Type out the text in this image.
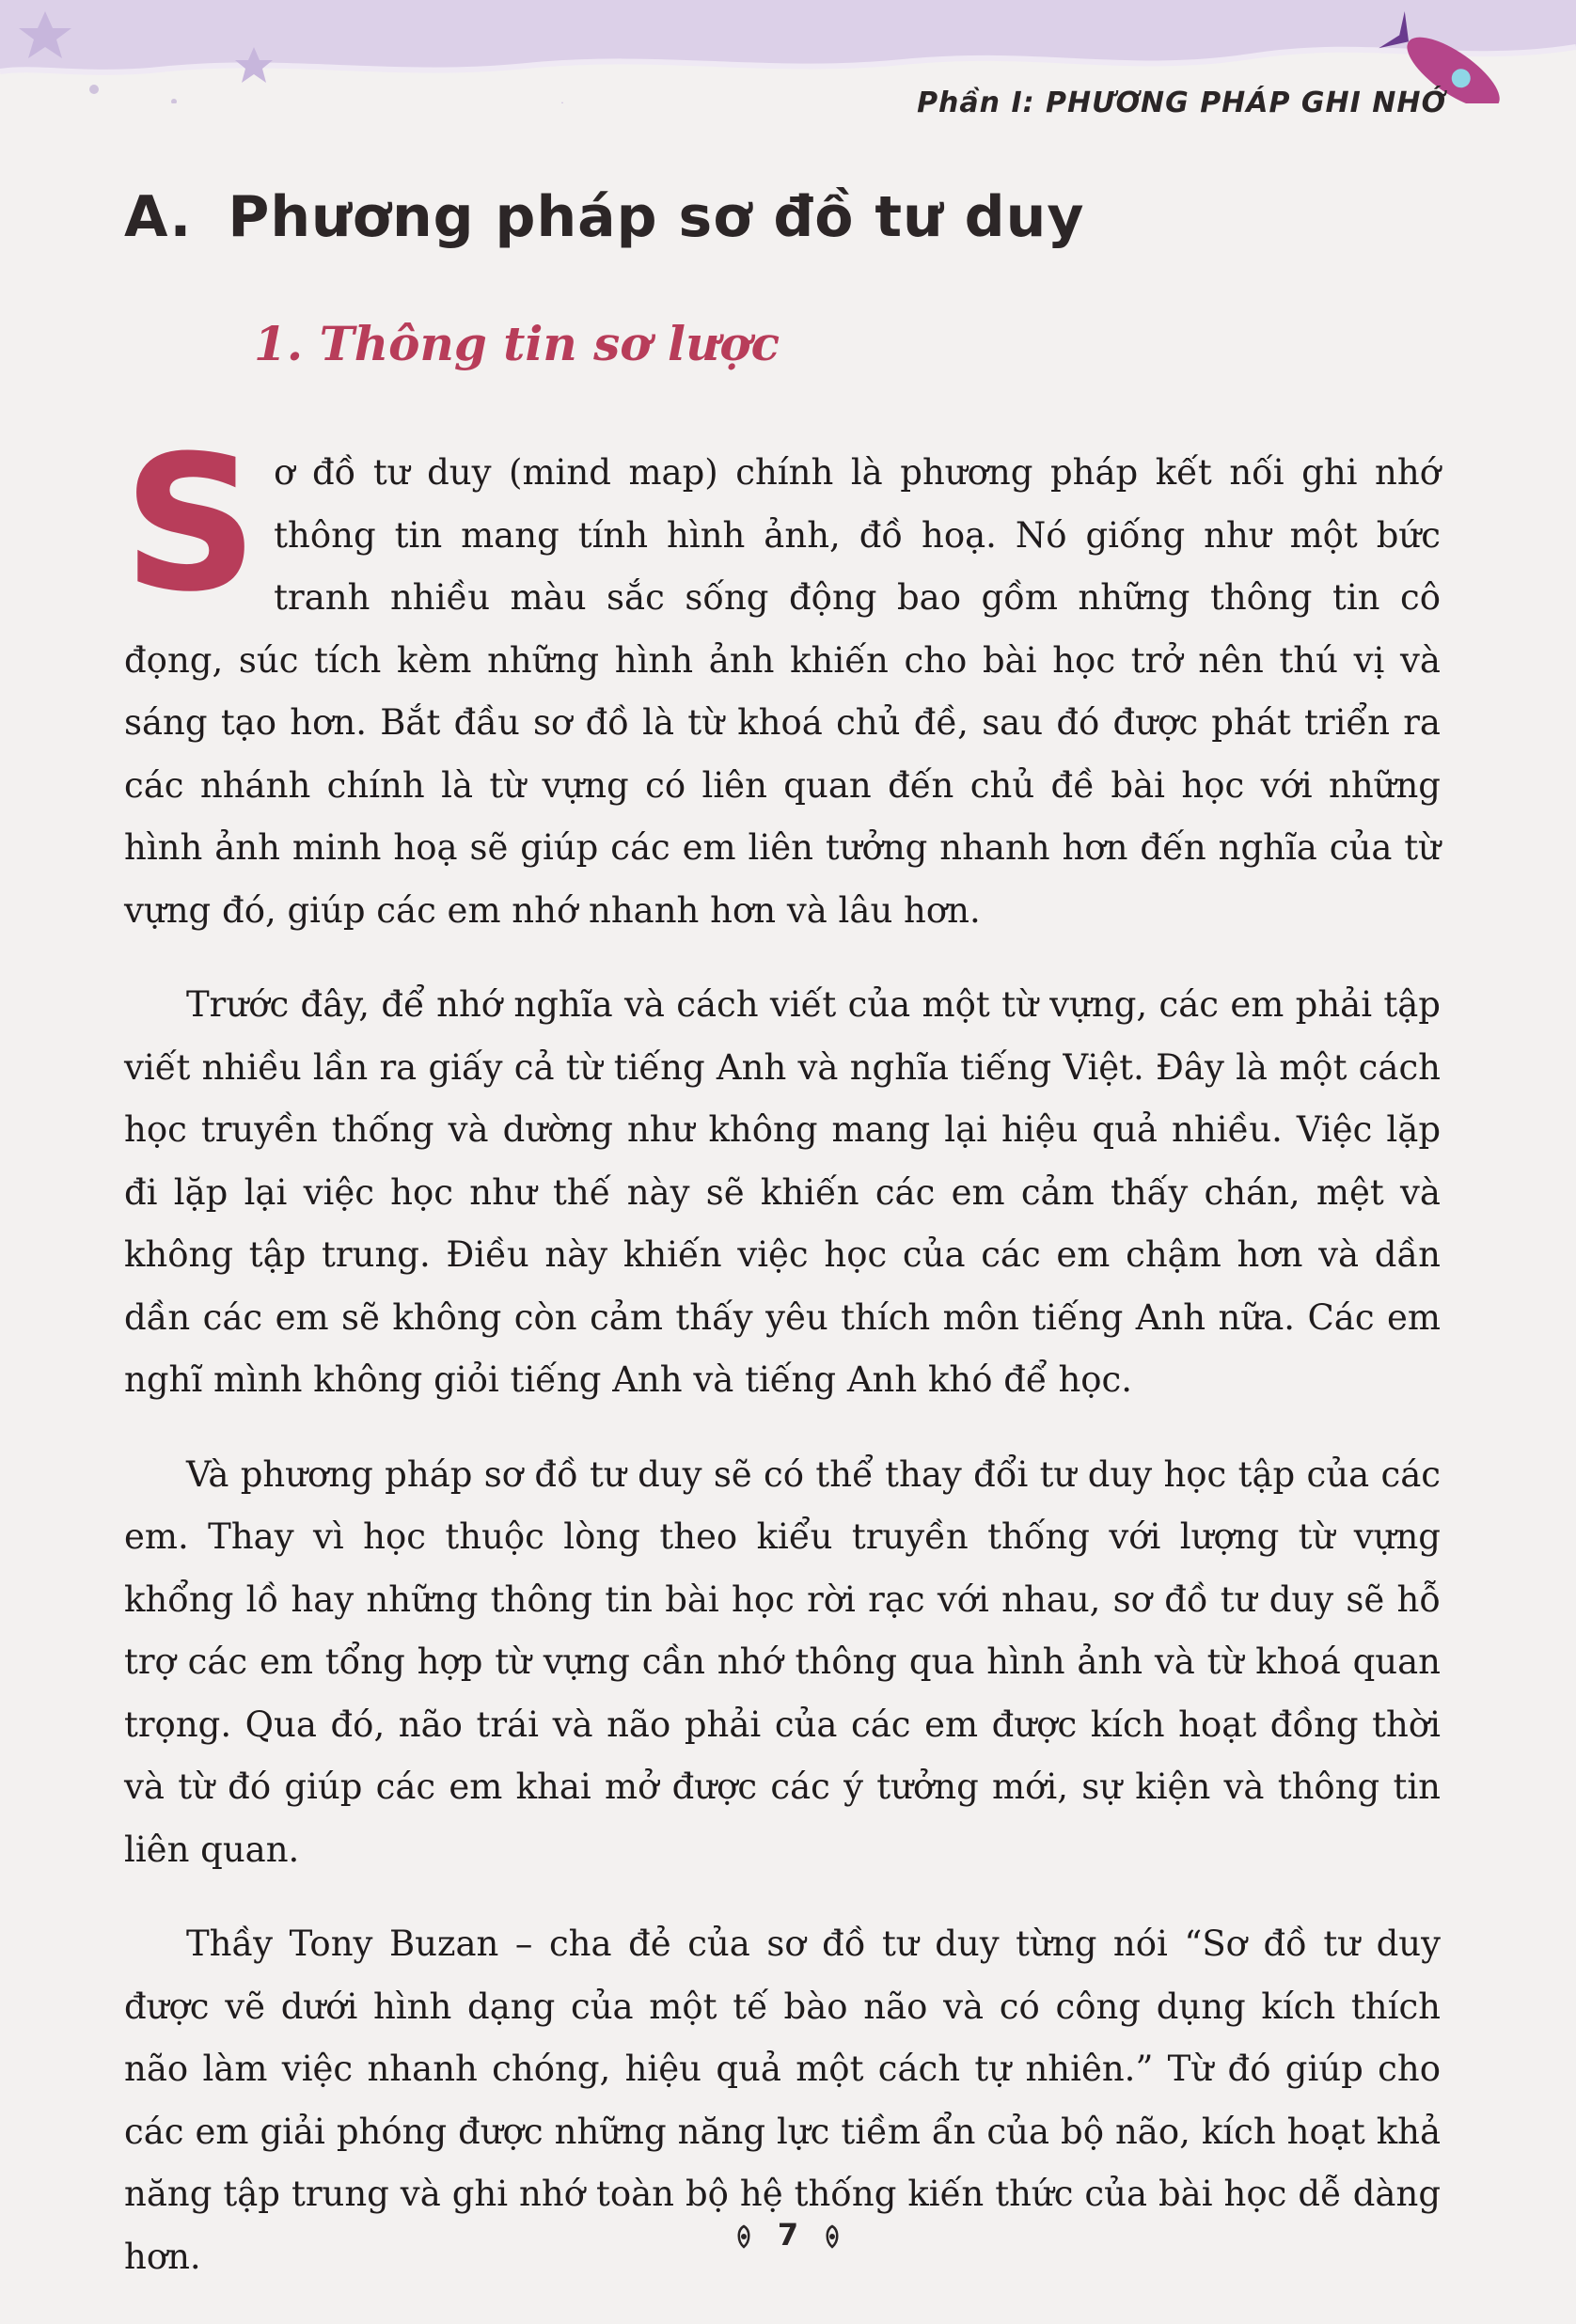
Phần I: PHƯƠNG PHÁP GHI NHỚ
A. Phương pháp sơ đồ tư duy
1. Thông tin sơ lược

Sơ đồ tư duy (mind map) chính là phương pháp kết nối ghi nhớ thông tin mang tính hình ảnh, đồ hoạ. Nó giống như một bức tranh nhiều màu sắc sống động bao gồm những thông tin cô đọng, súc tích kèm những hình ảnh khiến cho bài học trở nên thú vị và sáng tạo hơn. Bắt đầu sơ đồ là từ khoá chủ đề, sau đó được phát triển ra các nhánh chính là từ vựng có liên quan đến chủ đề bài học với những hình ảnh minh hoạ sẽ giúp các em liên tưởng nhanh hơn đến nghĩa của từ vựng đó, giúp các em nhớ nhanh hơn và lâu hơn.

Trước đây, để nhớ nghĩa và cách viết của một từ vựng, các em phải tập viết nhiều lần ra giấy cả từ tiếng Anh và nghĩa tiếng Việt. Đây là một cách học truyền thống và dường như không mang lại hiệu quả nhiều. Việc lặp đi lặp lại việc học như thế này sẽ khiến các em cảm thấy chán, mệt và không tập trung. Điều này khiến việc học của các em chậm hơn và dần dần các em sẽ không còn cảm thấy yêu thích môn tiếng Anh nữa. Các em nghĩ mình không giỏi tiếng Anh và tiếng Anh khó để học.

Và phương pháp sơ đồ tư duy sẽ có thể thay đổi tư duy học tập của các em. Thay vì học thuộc lòng theo kiểu truyền thống với lượng từ vựng khổng lồ hay những thông tin bài học rời rạc với nhau, sơ đồ tư duy sẽ hỗ trợ các em tổng hợp từ vựng cần nhớ thông qua hình ảnh và từ khoá quan trọng. Qua đó, não trái và não phải của các em được kích hoạt đồng thời và từ đó giúp các em khai mở được các ý tưởng mới, sự kiện và thông tin liên quan.

Thầy Tony Buzan – cha đẻ của sơ đồ tư duy từng nói “Sơ đồ tư duy được vẽ dưới hình dạng của một tế bào não và có công dụng kích thích não làm việc nhanh chóng, hiệu quả một cách tự nhiên.” Từ đó giúp cho các em giải phóng được những năng lực tiềm ẩn của bộ não, kích hoạt khả năng tập trung và ghi nhớ toàn bộ hệ thống kiến thức của bài học dễ dàng hơn.

7
